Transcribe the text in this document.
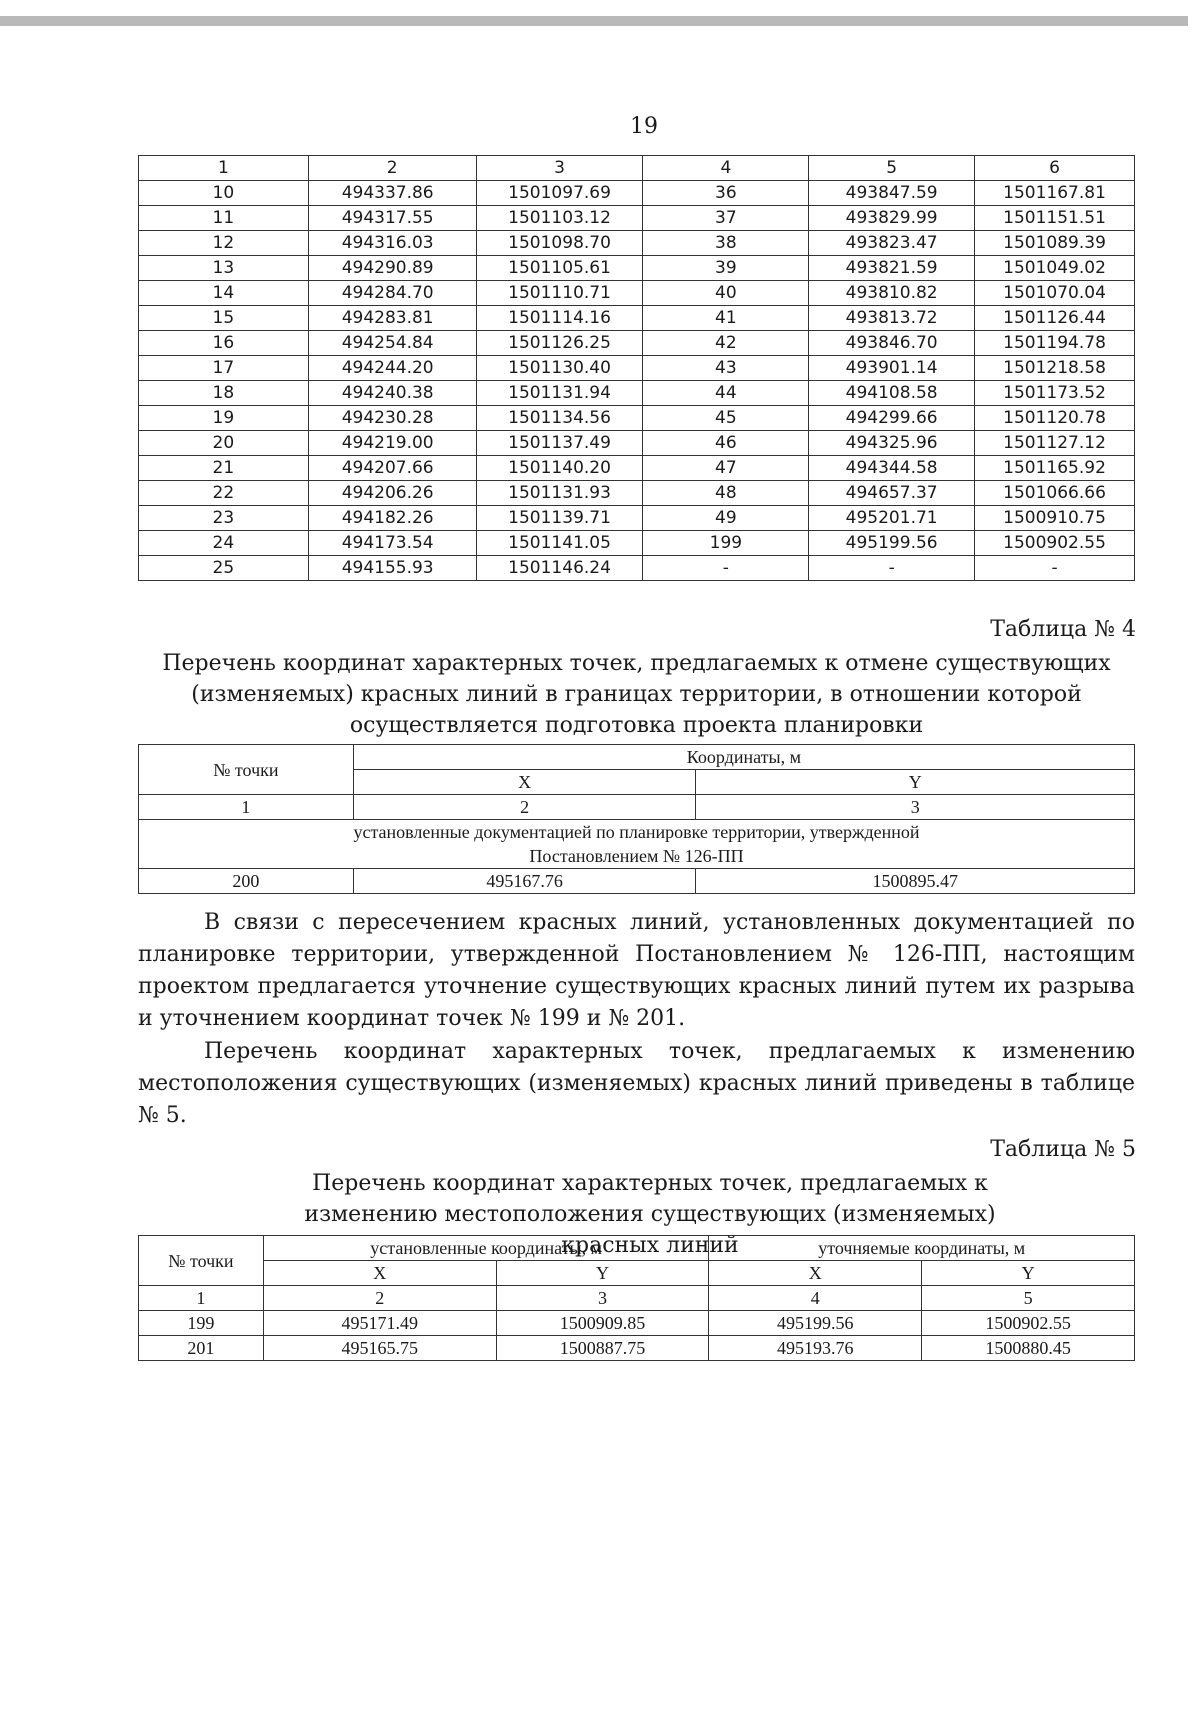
19
1	2	3	4	5	6
10	494337.86	1501097.69	36	493847.59	1501167.81
11	494317.55	1501103.12	37	493829.99	1501151.51
12	494316.03	1501098.70	38	493823.47	1501089.39
13	494290.89	1501105.61	39	493821.59	1501049.02
14	494284.70	1501110.71	40	493810.82	1501070.04
15	494283.81	1501114.16	41	493813.72	1501126.44
16	494254.84	1501126.25	42	493846.70	1501194.78
17	494244.20	1501130.40	43	493901.14	1501218.58
18	494240.38	1501131.94	44	494108.58	1501173.52
19	494230.28	1501134.56	45	494299.66	1501120.78
20	494219.00	1501137.49	46	494325.96	1501127.12
21	494207.66	1501140.20	47	494344.58	1501165.92
22	494206.26	1501131.93	48	494657.37	1501066.66
23	494182.26	1501139.71	49	495201.71	1500910.75
24	494173.54	1501141.05	199	495199.56	1500902.55
25	494155.93	1501146.24	-	-	-
Таблица № 4
Перечень координат характерных точек, предлагаемых к отмене существующих (изменяемых) красных линий в границах территории, в отношении которой осуществляется подготовка проекта планировки
№ точки	Координаты, м	
	X	Y
1	2	3
установленные документацией по планировке территории, утвержденной Постановлением № 126-ПП		
200	495167.76	1500895.47
В связи с пересечением красных линий, установленных документацией по планировке территории, утвержденной Постановлением № 126-ПП, настоящим проектом предлагается уточнение существующих красных линий путем их разрыва и уточнением координат точек № 199 и № 201.
Перечень координат характерных точек, предлагаемых к изменению местоположения существующих (изменяемых) красных линий приведены в таблице № 5.
Таблица № 5
Перечень координат характерных точек, предлагаемых к изменению местоположения существующих (изменяемых) красных линий
№ точки	установленные координаты, м		уточняемые координаты, м	
	X	Y	X	Y
1	2	3	4	5
199	495171.49	1500909.85	495199.56	1500902.55
201	495165.75	1500887.75	495193.76	1500880.45
